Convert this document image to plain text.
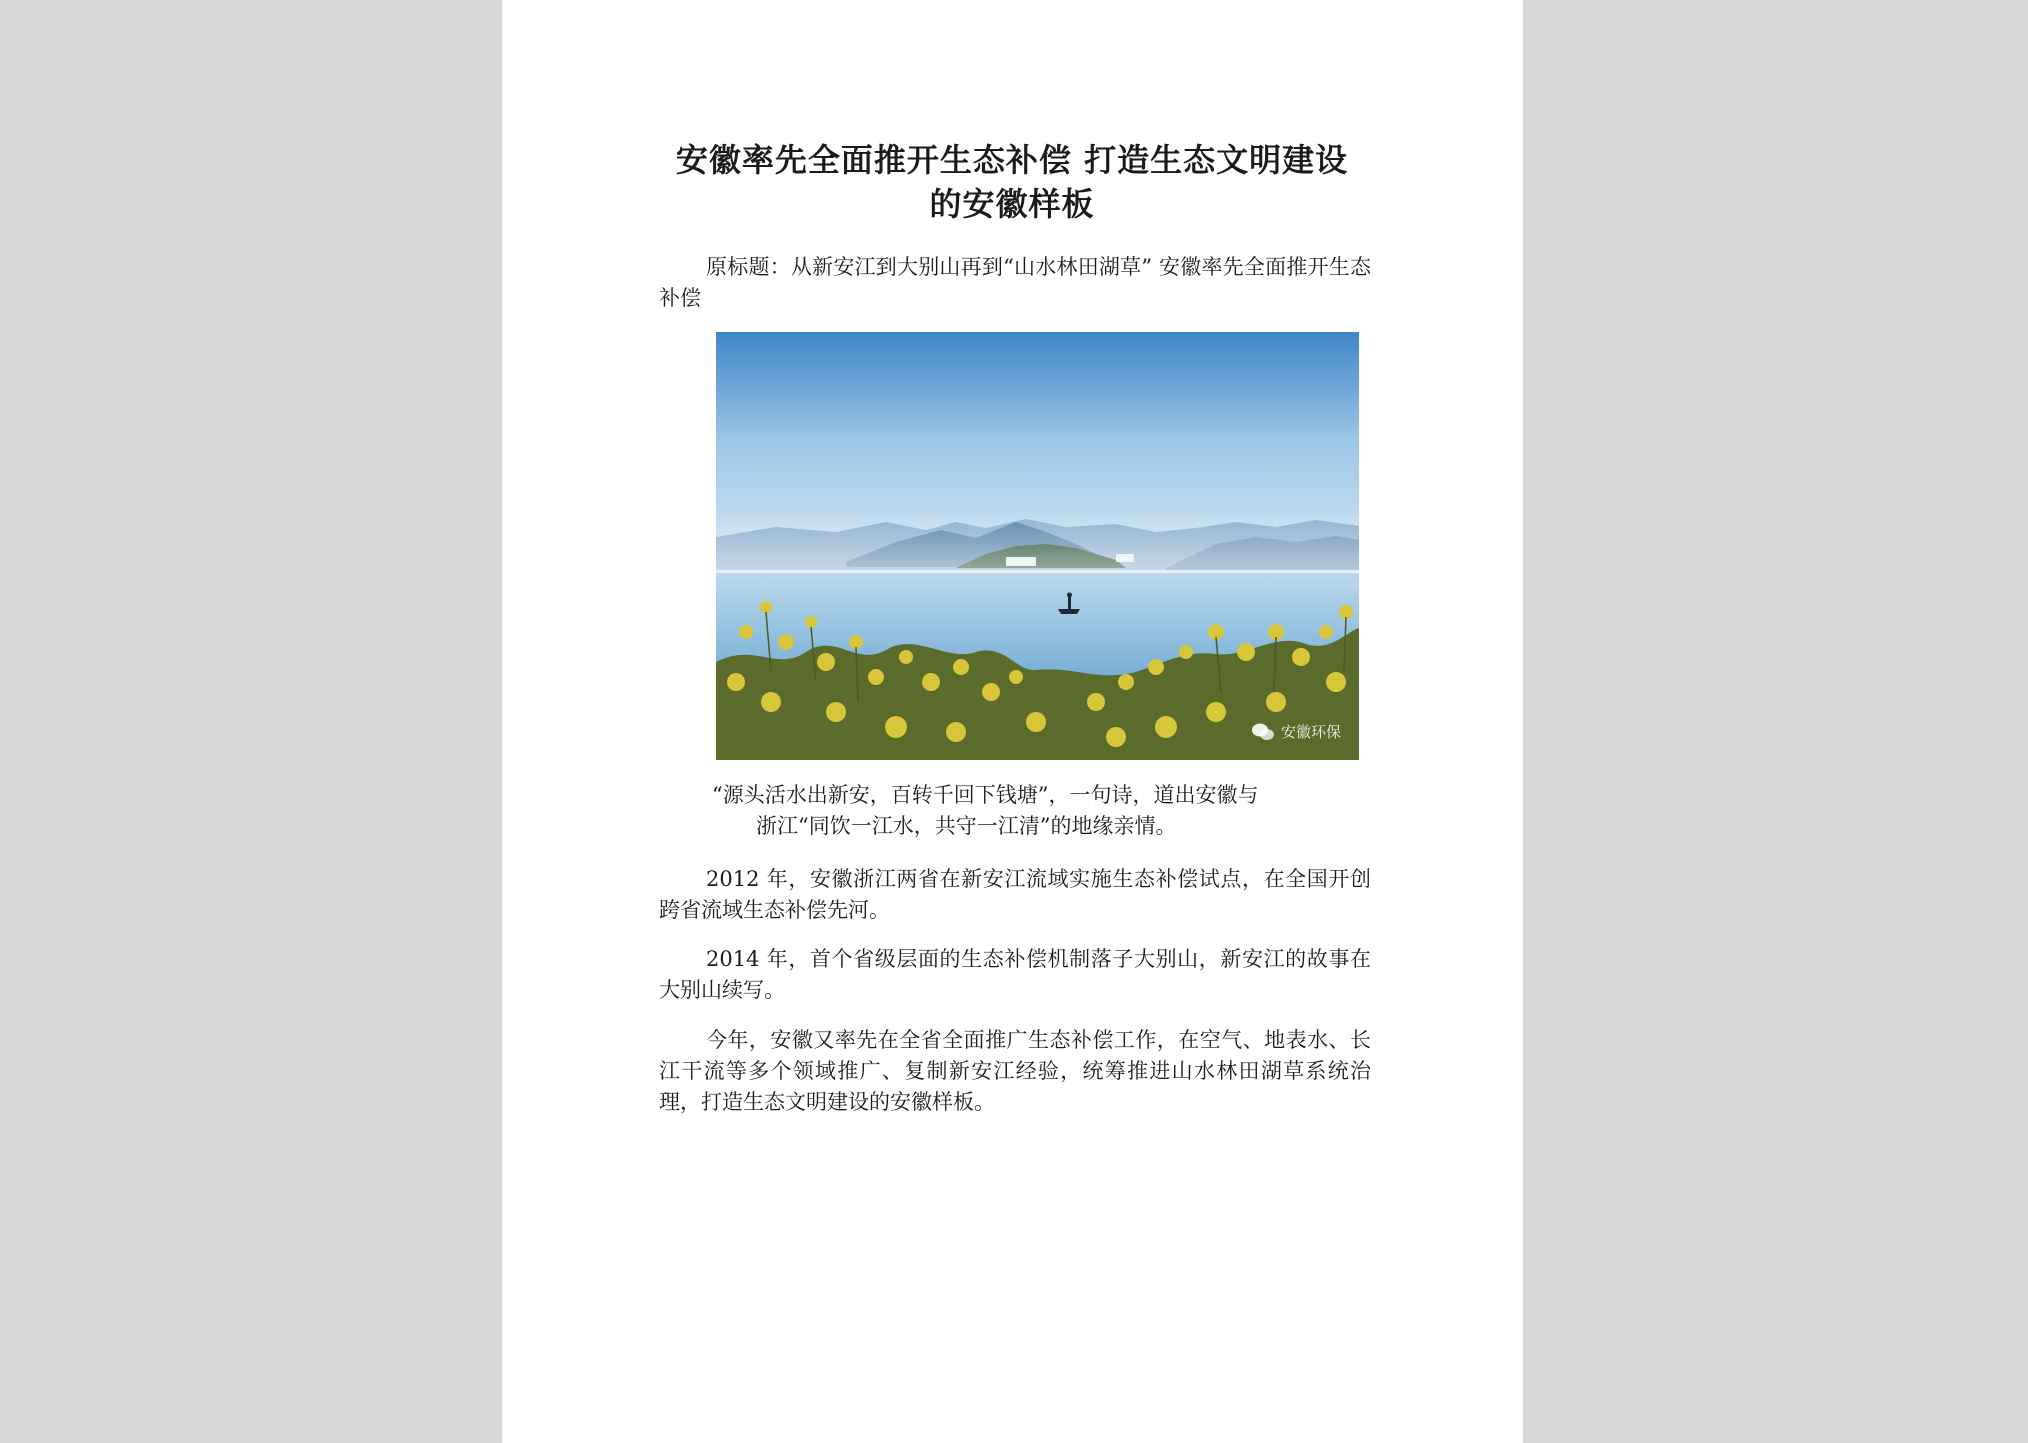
安徽率先全面推开生态补偿 打造生态文明建设
的安徽样板

原标题：从新安江到大别山再到“山水林田湖草” 安徽率先全面推开生态补偿

安徽环保

“源头活水出新安，百转千回下钱塘”，一句诗，道出安徽与
浙江“同饮一江水，共守一江清”的地缘亲情。

2012 年，安徽浙江两省在新安江流域实施生态补偿试点，在全国开创跨省流域生态补偿先河。

2014 年，首个省级层面的生态补偿机制落子大别山，新安江的故事在大别山续写。

今年，安徽又率先在全省全面推广生态补偿工作，在空气、地表水、长江干流等多个领域推广、复制新安江经验，统筹推进山水林田湖草系统治理，打造生态文明建设的安徽样板。
